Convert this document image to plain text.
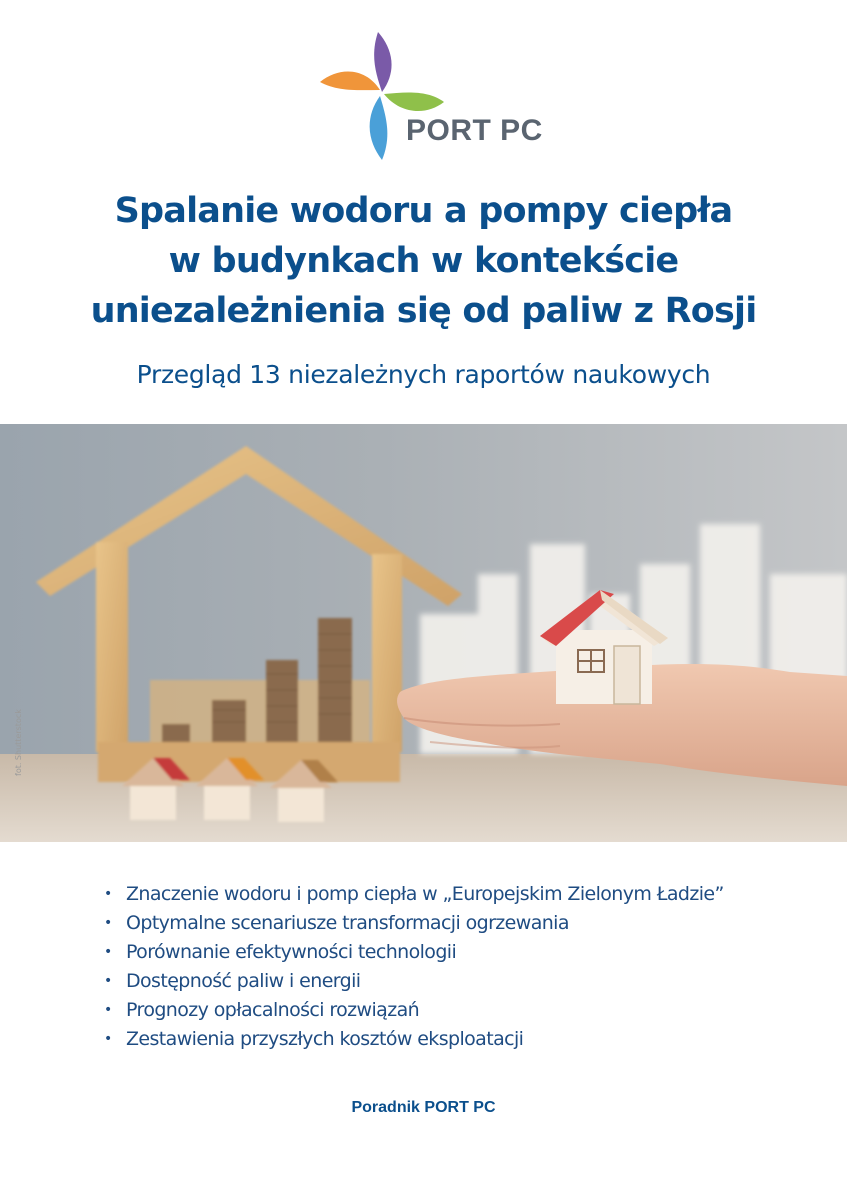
PORT PC
Spalanie wodoru a pompy ciepła
w budynkach w kontekście
uniezależnienia się od paliw z Rosji
Przegląd 13 niezależnych raportów naukowych
fot. Shutterstock
• Znaczenie wodoru i pomp ciepła w „Europejskim Zielonym Ładzie”
• Optymalne scenariusze transformacji ogrzewania
• Porównanie efektywności technologii
• Dostępność paliw i energii
• Prognozy opłacalności rozwiązań
• Zestawienia przyszłych kosztów eksploatacji
Poradnik PORT PC
